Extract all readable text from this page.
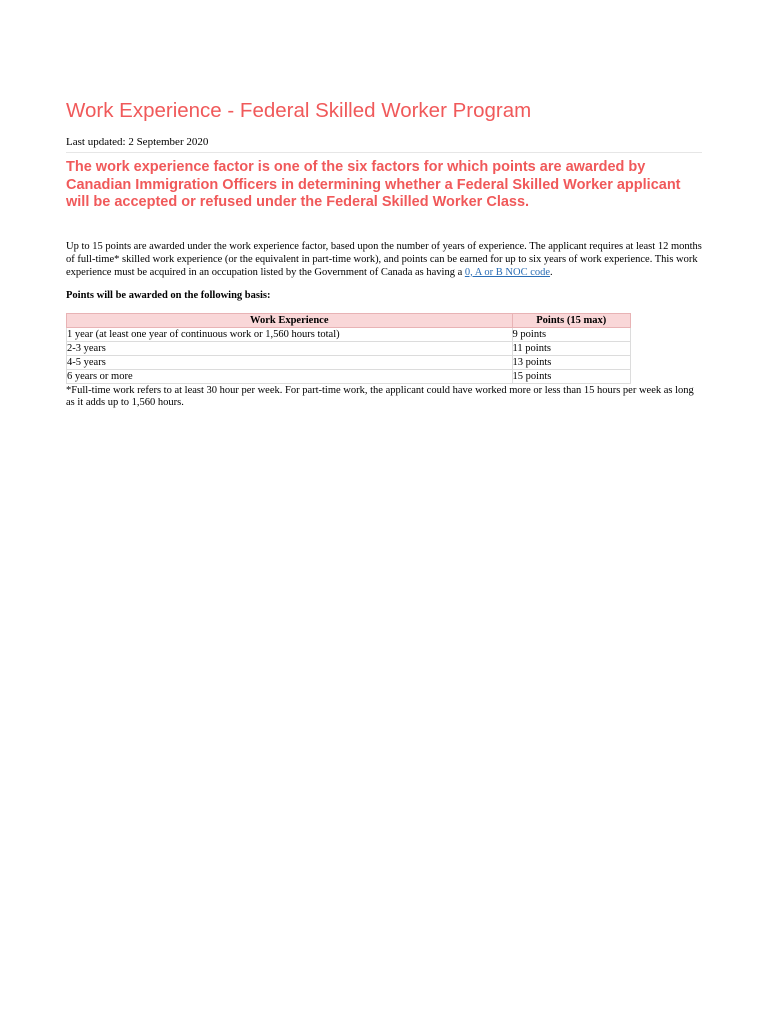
Work Experience - Federal Skilled Worker Program
Last updated: 2 September 2020

The work experience factor is one of the six factors for which points are awarded by Canadian Immigration Officers in determining whether a Federal Skilled Worker applicant will be accepted or refused under the Federal Skilled Worker Class.

Up to 15 points are awarded under the work experience factor, based upon the number of years of experience. The applicant requires at least 12 months of full-time* skilled work experience (or the equivalent in part-time work), and points can be earned for up to six years of work experience. This work experience must be acquired in an occupation listed by the Government of Canada as having a 0, A or B NOC code.

Points will be awarded on the following basis:

Work Experience	Points (15 max)
1 year (at least one year of continuous work or 1,560 hours total)	9 points
2-3 years	11 points
4-5 years	13 points
6 years or more	15 points

*Full-time work refers to at least 30 hour per week. For part-time work, the applicant could have worked more or less than 15 hours per week as long as it adds up to 1,560 hours.
